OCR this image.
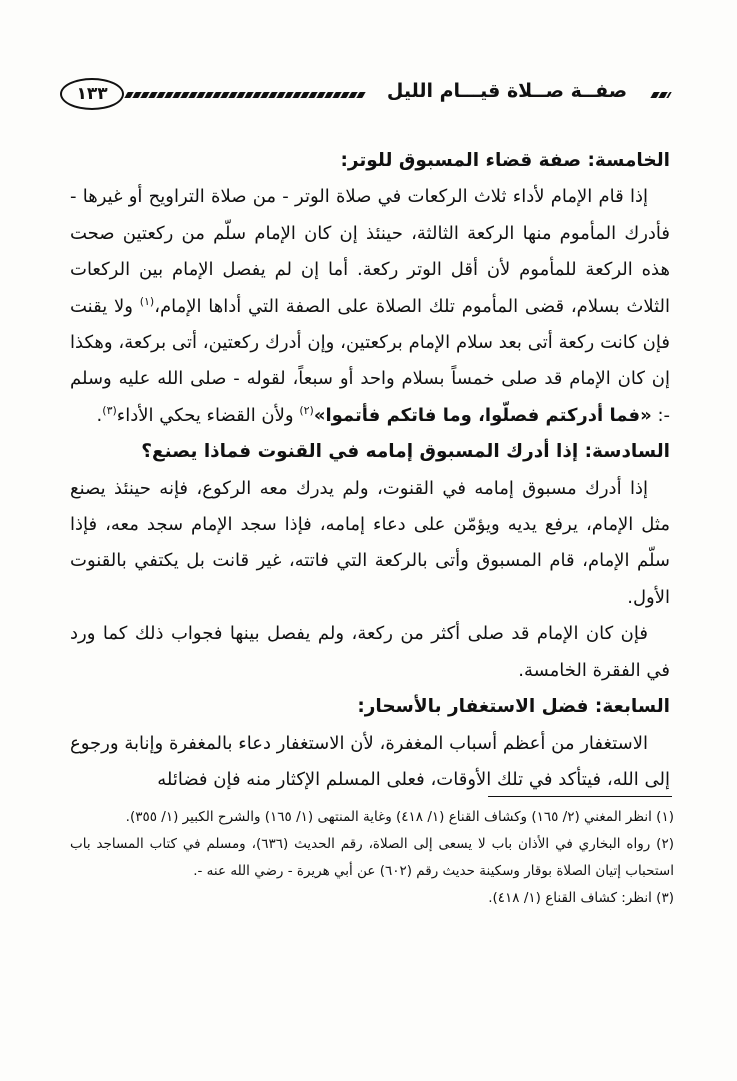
١٣٣	صفــة صــلاة قيـــام الليل
الخامسة: صفة قضاء المسبوق للوتر:

إذا قام الإمام لأداء ثلاث الركعات في صلاة الوتر - من صلاة التراويح أو غيرها - فأدرك المأموم منها الركعة الثالثة، حينئذ إن كان الإمام سلّم من ركعتين صحت هذه الركعة للمأموم لأن أقل الوتر ركعة. أما إن لم يفصل الإمام بين الركعات الثلاث بسلام، قضى المأموم تلك الصلاة على الصفة التي أداها الإمام،$^{(١)}$ ولا يقنت فإن كانت ركعة أتى بعد سلام الإمام بركعتين، وإن أدرك ركعتين، أتى بركعة، وهكذا إن كان الإمام قد صلى خمساً بسلام واحد أو سبعاً، لقوله - صلى الله عليه وسلم -: «فما أدركتم فصلّوا، وما فاتكم فأتموا»$^{(٢)}$ ولأن القضاء يحكي الأداء$^{(٣)}$.

السادسة: إذا أدرك المسبوق إمامه في القنوت فماذا يصنع؟

إذا أدرك مسبوق إمامه في القنوت، ولم يدرك معه الركوع، فإنه حينئذ يصنع مثل الإمام، يرفع يديه ويؤمّن على دعاء إمامه، فإذا سجد الإمام سجد معه، فإذا سلّم الإمام، قام المسبوق وأتى بالركعة التي فاتته، غير قانت بل يكتفي بالقنوت الأول.

فإن كان الإمام قد صلى أكثر من ركعة، ولم يفصل بينها فجواب ذلك كما ورد في الفقرة الخامسة.

السابعة: فضل الاستغفار بالأسحار:

الاستغفار من أعظم أسباب المغفرة، لأن الاستغفار دعاء بالمغفرة وإنابة ورجوع إلى الله، فيتأكد في تلك الأوقات، فعلى المسلم الإكثار منه فإن فضائله

(١) انظر المغني (٢/ ١٦٥) وكشاف القناع (١/ ٤١٨) وغاية المنتهى (١/ ١٦٥) والشرح الكبير (١/ ٣٥٥).
(٢) رواه البخاري في الأذان باب لا يسعى إلى الصلاة، رقم الحديث (٦٣٦)، ومسلم في كتاب المساجد باب استحباب إتيان الصلاة بوقار وسكينة حديث رقم (٦٠٢) عن أبي هريرة - رضي الله عنه -.
(٣) انظر: كشاف القناع (١/ ٤١٨).
